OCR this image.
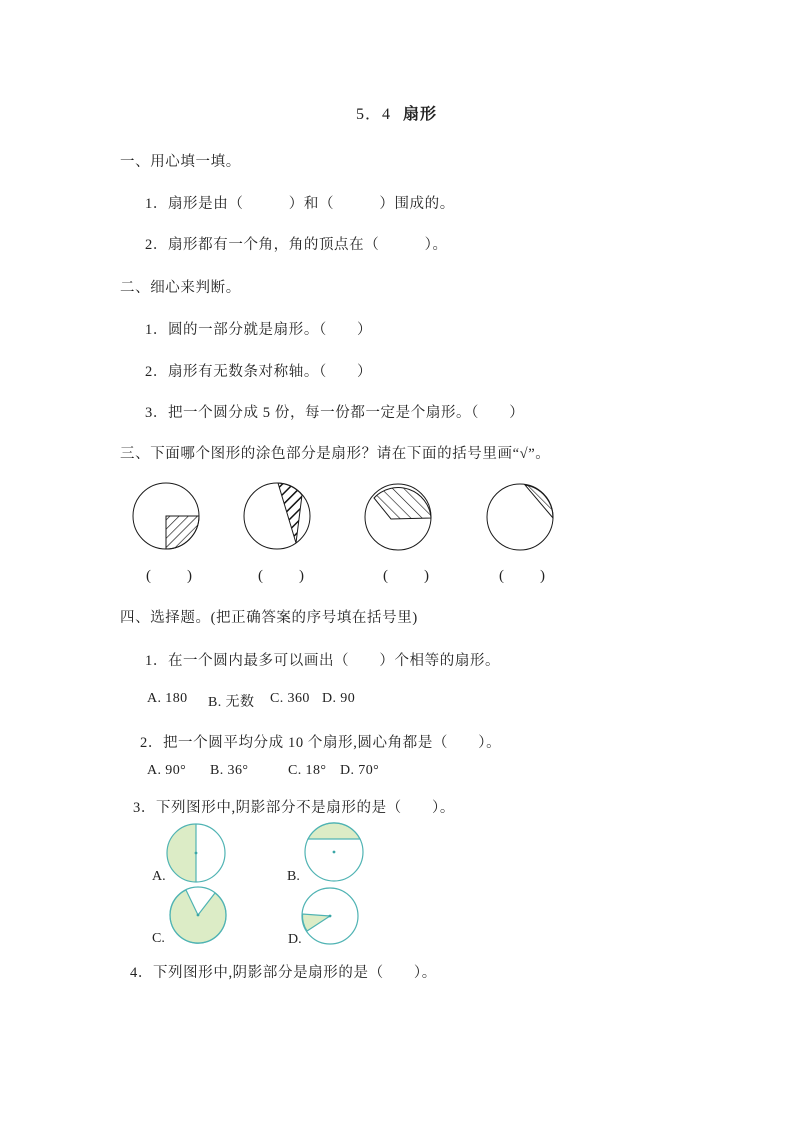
5．4 扇形
一、用心填一填。
1．扇形是由（　　　）和（　　　）围成的。
2．扇形都有一个角，角的顶点在（　　　）。
二、细心来判断。
1．圆的一部分就是扇形。（　　）
2．扇形有无数条对称轴。（　　）
3．把一个圆分成 5 份，每一份都一定是个扇形。（　　）
三、下面哪个图形的涂色部分是扇形？请在下面的括号里画“√”。
(　　)	(　　)	(　　)	(　　)
四、选择题。(把正确答案的序号填在括号里)
1．在一个圆内最多可以画出（　　）个相等的扇形。
A. 180 B. 无数 C. 360 D. 90
2．把一个圆平均分成 10 个扇形,圆心角都是（　　）。
A. 90° B. 36°	C. 18° D. 70°
3．下列图形中,阴影部分不是扇形的是（　　）。
A.	B.
C.	D.
4．下列图形中,阴影部分是扇形的是（　　）。
